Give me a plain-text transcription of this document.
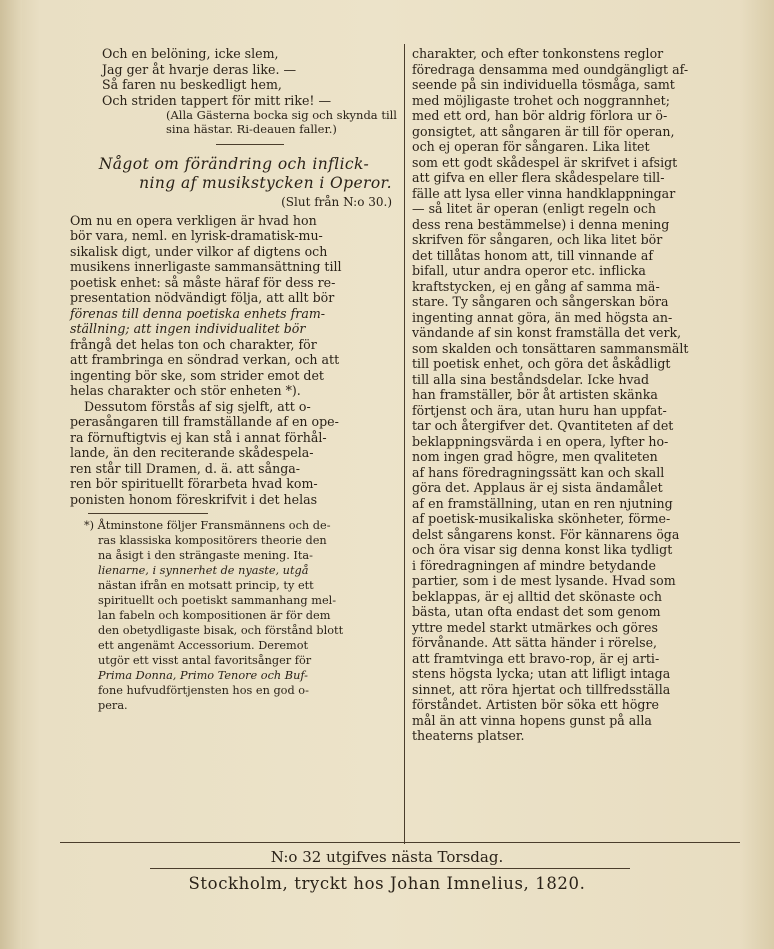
Och en belöning, icke slem,
Jag ger åt hvarje deras like. —
Så faren nu beskedligt hem,
Och striden tappert för mitt rike! —
(Alla Gästerna bocka sig och skynda till sina hästar. Ri-deauen faller.)
Något om förändring och inflick-
ning af musikstycken i Operor.
(Slut från N:o 30.)
Om nu en opera verkligen är hvad hon
bör vara, neml. en lyrisk-dramatisk-mu-
sikalisk digt, under vilkor af digtens och
musikens innerligaste sammansättning till
poetisk enhet: så måste häraf för dess re-
presentation nödvändigt följa, att allt bör
förenas till denna poetiska enhets fram-
ställning; att ingen individualitet bör
frångå det helas ton och charakter, för
att frambringa en söndrad verkan, och att
ingenting bör ske, som strider emot det
helas charakter och stör enheten *).
Dessutom förstås af sig sjelft, att o-
perasångaren till framställande af en ope-
ra förnuftigtvis ej kan stå i annat förhål-
lande, än den reciterande skådespela-
ren står till Dramen, d. ä. att sånga-
ren bör spirituellt förarbeta hvad kom-
ponisten honom föreskrifvit i det helas
*) Åtminstone följer Fransmännens och de-
ras klassiska kompositörers theorie den
na åsigt i den strängaste mening. Ita-
lienarne, i synnerhet de nyaste, utgå
nästan ifrån en motsatt princip, ty ett
spirituellt och poetiskt sammanhang mel-
lan fabeln och kompositionen är för dem
den obetydligaste bisak, och förstånd blott
ett angenämt Accessorium. Deremot
utgör ett visst antal favoritsånger för
Prima Donna, Primo Tenore och Buf-
fone hufvudförtjensten hos en god o-
pera.
charakter, och efter tonkonstens reglor
föredraga densamma med oundgängligt af-
seende på sin individuella tösmåga, samt
med möjligaste trohet och noggrannhet;
med ett ord, han bör aldrig förlora ur ö-
gonsigtet, att sångaren är till för operan,
och ej operan för sångaren. Lika litet
som ett godt skådespel är skrifvet i afsigt
att gifva en eller flera skådespelare till-
fälle att lysa eller vinna handklappningar
— så litet är operan (enligt regeln och
dess rena bestämmelse) i denna mening
skrifven för sångaren, och lika litet bör
det tillåtas honom att, till vinnande af
bifall, utur andra operor etc. inflicka
kraftstycken, ej en gång af samma mä-
stare. Ty sångaren och sångerskan böra
ingenting annat göra, än med högsta an-
vändande af sin konst framställa det verk,
som skalden och tonsättaren sammansmält
till poetisk enhet, och göra det åskådligt
till alla sina beståndsdelar. Icke hvad
han framställer, bör åt artisten skänka
förtjenst och ära, utan huru han uppfat-
tar och återgifver det. Qvantiteten af det
beklappningsvärda i en opera, lyfter ho-
nom ingen grad högre, men qvaliteten
af hans föredragningssätt kan och skall
göra det. Applaus är ej sista ändamålet
af en framställning, utan en ren njutning
af poetisk-musikaliska skönheter, förme-
delst sångarens konst. För kännarens öga
och öra visar sig denna konst lika tydligt
i föredragningen af mindre betydande
partier, som i de mest lysande. Hvad som
beklappas, är ej alltid det skönaste och
bästa, utan ofta endast det som genom
yttre medel starkt utmärkes och göres
förvånande. Att sätta händer i rörelse,
att framtvinga ett bravo-rop, är ej arti-
stens högsta lycka; utan att lifligt intaga
sinnet, att röra hjertat och tillfredsställa
förståndet. Artisten bör söka ett högre
mål än att vinna hopens gunst på alla
theaterns platser.
N:o 32 utgifves nästa Torsdag.
Stockholm, tryckt hos Johan Imnelius, 1820.
